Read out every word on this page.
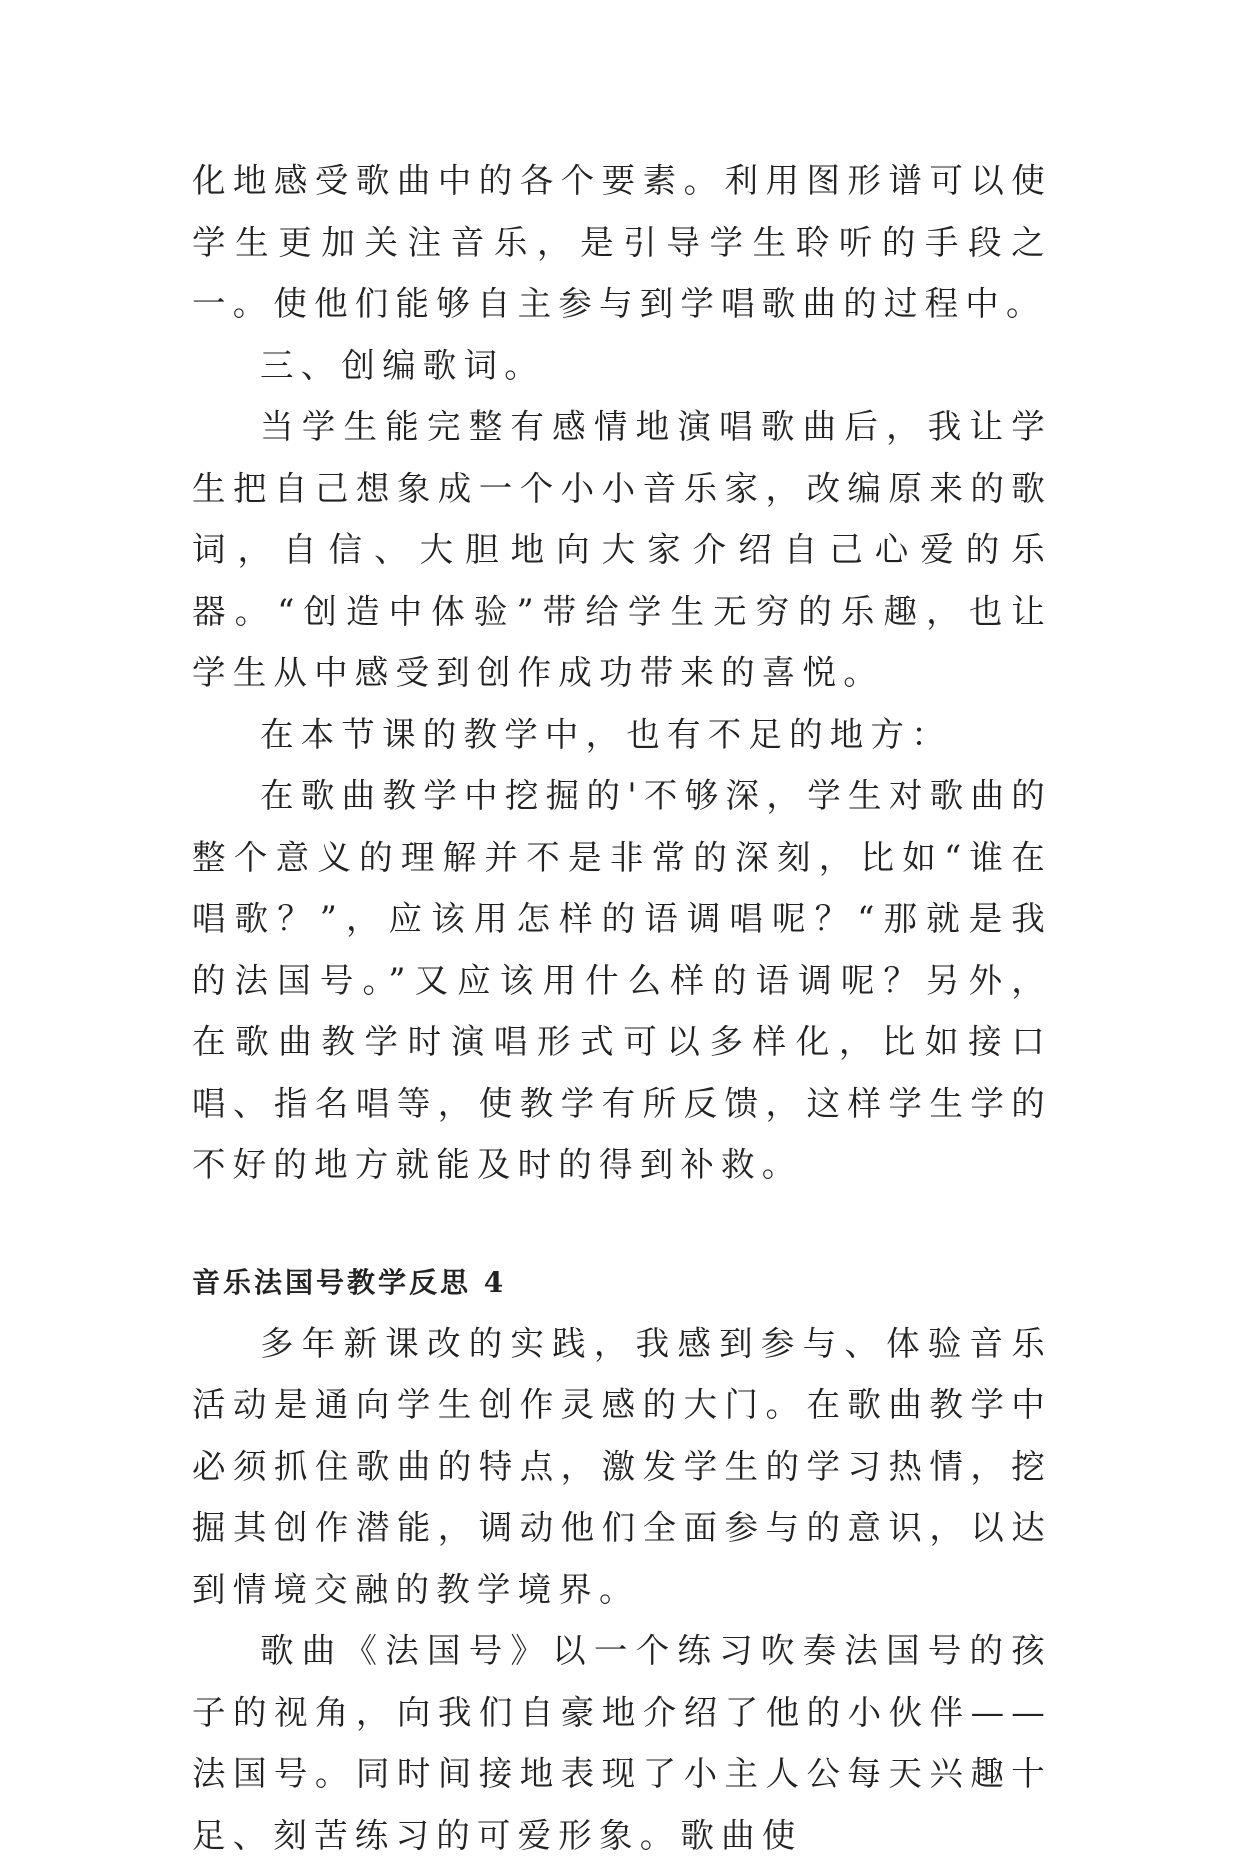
化地感受歌曲中的各个要素。利用图形谱可以使学生更加关注音乐，是引导学生聆听的手段之一。使他们能够自主参与到学唱歌曲的过程中。

三、创编歌词。

当学生能完整有感情地演唱歌曲后，我让学生把自己想象成一个小小音乐家，改编原来的歌词，自信、大胆地向大家介绍自己心爱的乐器。“创造中体验”带给学生无穷的乐趣，也让学生从中感受到创作成功带来的喜悦。

在本节课的教学中，也有不足的地方：

在歌曲教学中挖掘的'不够深，学生对歌曲的整个意义的理解并不是非常的深刻，比如“谁在唱歌？”，应该用怎样的语调唱呢？“那就是我的法国号。”又应该用什么样的语调呢？另外，在歌曲教学时演唱形式可以多样化，比如接口唱、指名唱等，使教学有所反馈，这样学生学的不好的地方就能及时的得到补救。

音乐法国号教学反思 4

多年新课改的实践，我感到参与、体验音乐活动是通向学生创作灵感的大门。在歌曲教学中必须抓住歌曲的特点，激发学生的学习热情，挖掘其创作潜能，调动他们全面参与的意识，以达到情境交融的教学境界。

歌曲《法国号》以一个练习吹奏法国号的孩子的视角，向我们自豪地介绍了他的小伙伴——法国号。同时间接地表现了小主人公每天兴趣十足、刻苦练习的可爱形象。歌曲使
